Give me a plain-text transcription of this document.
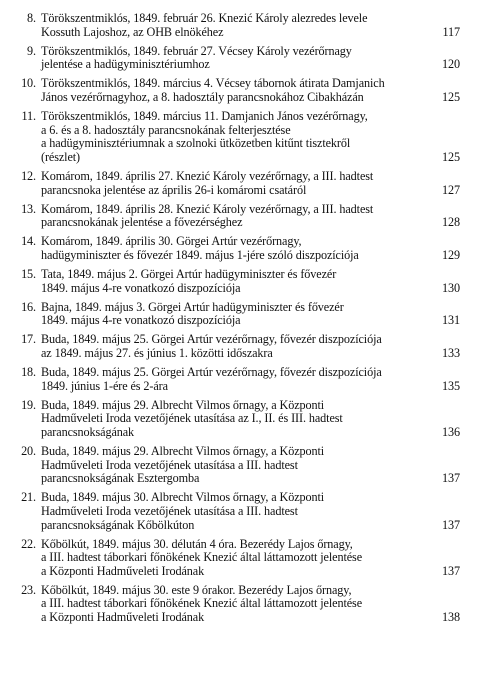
8. Törökszentmiklós, 1849. február 26. Knezić Károly alezredes levele
Kossuth Lajoshoz, az OHB elnökéhez	117
9. Törökszentmiklós, 1849. február 27. Vécsey Károly vezérőrnagy
jelentése a hadügyminisztériumhoz	120
10. Törökszentmiklós, 1849. március 4. Vécsey tábornok átirata Damjanich
János vezérőrnagyhoz, a 8. hadosztály parancsnokához Cibakházán	125
11. Törökszentmiklós, 1849. március 11. Damjanich János vezérőrnagy,
a 6. és a 8. hadosztály parancsnokának felterjesztése
a hadügyminisztériumnak a szolnoki ütközetben kitűnt tisztekről
(részlet)	125
12. Komárom, 1849. április 27. Knezić Károly vezérőrnagy, a III. hadtest
parancsnoka jelentése az április 26-i komáromi csatáról	127
13. Komárom, 1849. április 28. Knezić Károly vezérőrnagy, a III. hadtest
parancsnokának jelentése a fővezérséghez	128
14. Komárom, 1849. április 30. Görgei Artúr vezérőrnagy,
hadügyminiszter és fővezér 1849. május 1-jére szóló diszpozíciója	129
15. Tata, 1849. május 2. Görgei Artúr hadügyminiszter és fővezér
1849. május 4-re vonatkozó diszpozíciója	130
16. Bajna, 1849. május 3. Görgei Artúr hadügyminiszter és fővezér
1849. május 4-re vonatkozó diszpozíciója	131
17. Buda, 1849. május 25. Görgei Artúr vezérőrnagy, fővezér diszpozíciója
az 1849. május 27. és június 1. közötti időszakra	133
18. Buda, 1849. május 25. Görgei Artúr vezérőrnagy, fővezér diszpozíciója
1849. június 1-ére és 2-ára	135
19. Buda, 1849. május 29. Albrecht Vilmos őrnagy, a Központi
Hadműveleti Iroda vezetőjének utasítása az I., II. és III. hadtest
parancsnokságának	136
20. Buda, 1849. május 29. Albrecht Vilmos őrnagy, a Központi
Hadműveleti Iroda vezetőjének utasítása a III. hadtest
parancsnokságának Esztergomba	137
21. Buda, 1849. május 30. Albrecht Vilmos őrnagy, a Központi
Hadműveleti Iroda vezetőjének utasítása a III. hadtest
parancsnokságának Kőbölkúton	137
22. Kőbölkút, 1849. május 30. délután 4 óra. Bezerédy Lajos őrnagy,
a III. hadtest táborkari főnökének Knezić által láttamozott jelentése
a Központi Hadműveleti Irodának	137
23. Kőbölkút, 1849. május 30. este 9 órakor. Bezerédy Lajos őrnagy,
a III. hadtest táborkari főnökének Knezić által láttamozott jelentése
a Központi Hadműveleti Irodának	138
